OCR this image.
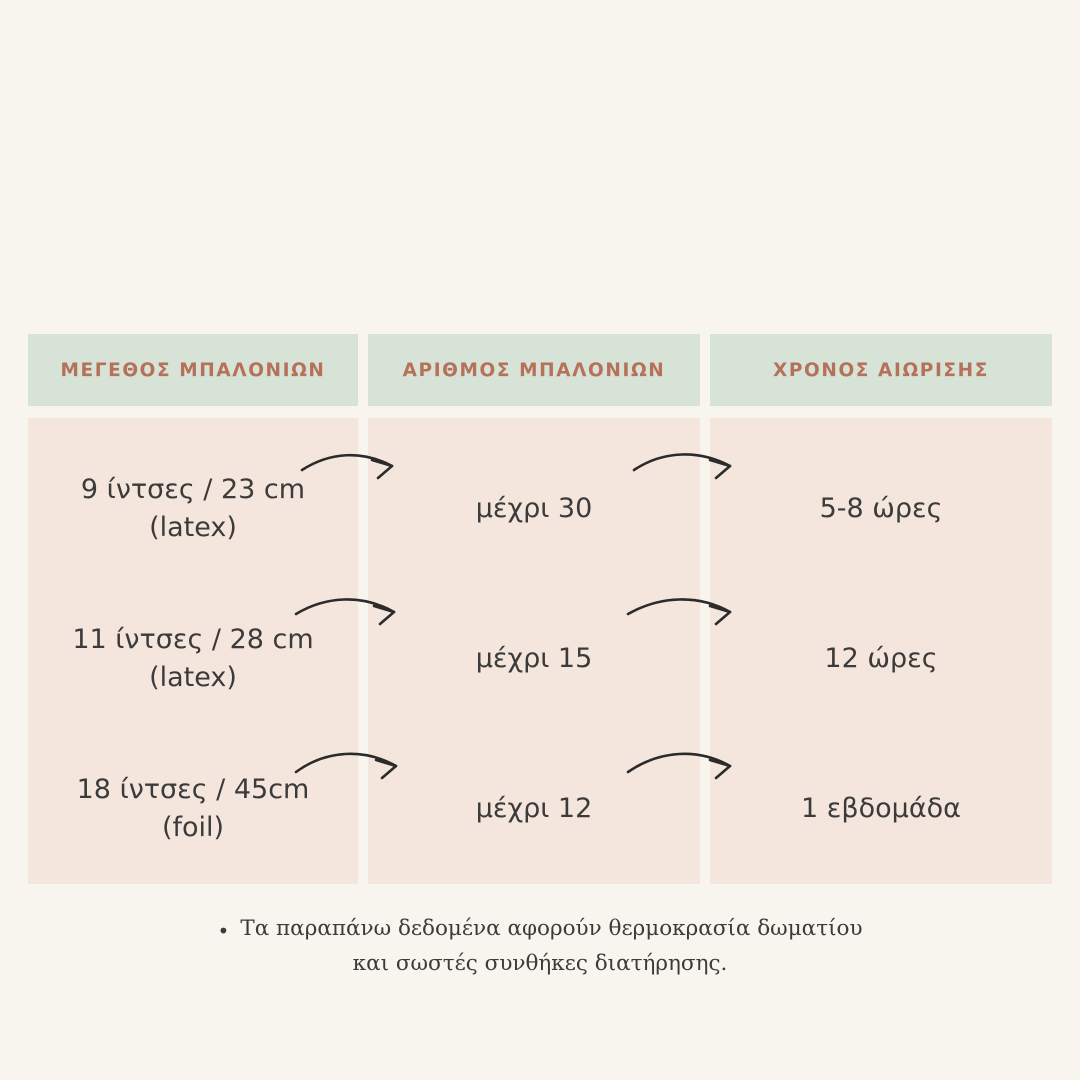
ΜΕΓΕΘΟΣ ΜΠΑΛΟΝΙΩΝ	ΑΡΙΘΜΟΣ ΜΠΑΛΟΝΙΩΝ	ΧΡΟΝΟΣ ΑΙΩΡΙΣΗΣ
9 ίντσες / 23 cm (latex)
11 ίντσες / 28 cm (latex)
18 ίντσες / 45cm (foil)
μέχρι 30
μέχρι 15
μέχρι 12
5-8 ώρες
12 ώρες
1 εβδομάδα
• Τα παραπάνω δεδομένα αφορούν θερμοκρασία δωματίου
και σωστές συνθήκες διατήρησης.
